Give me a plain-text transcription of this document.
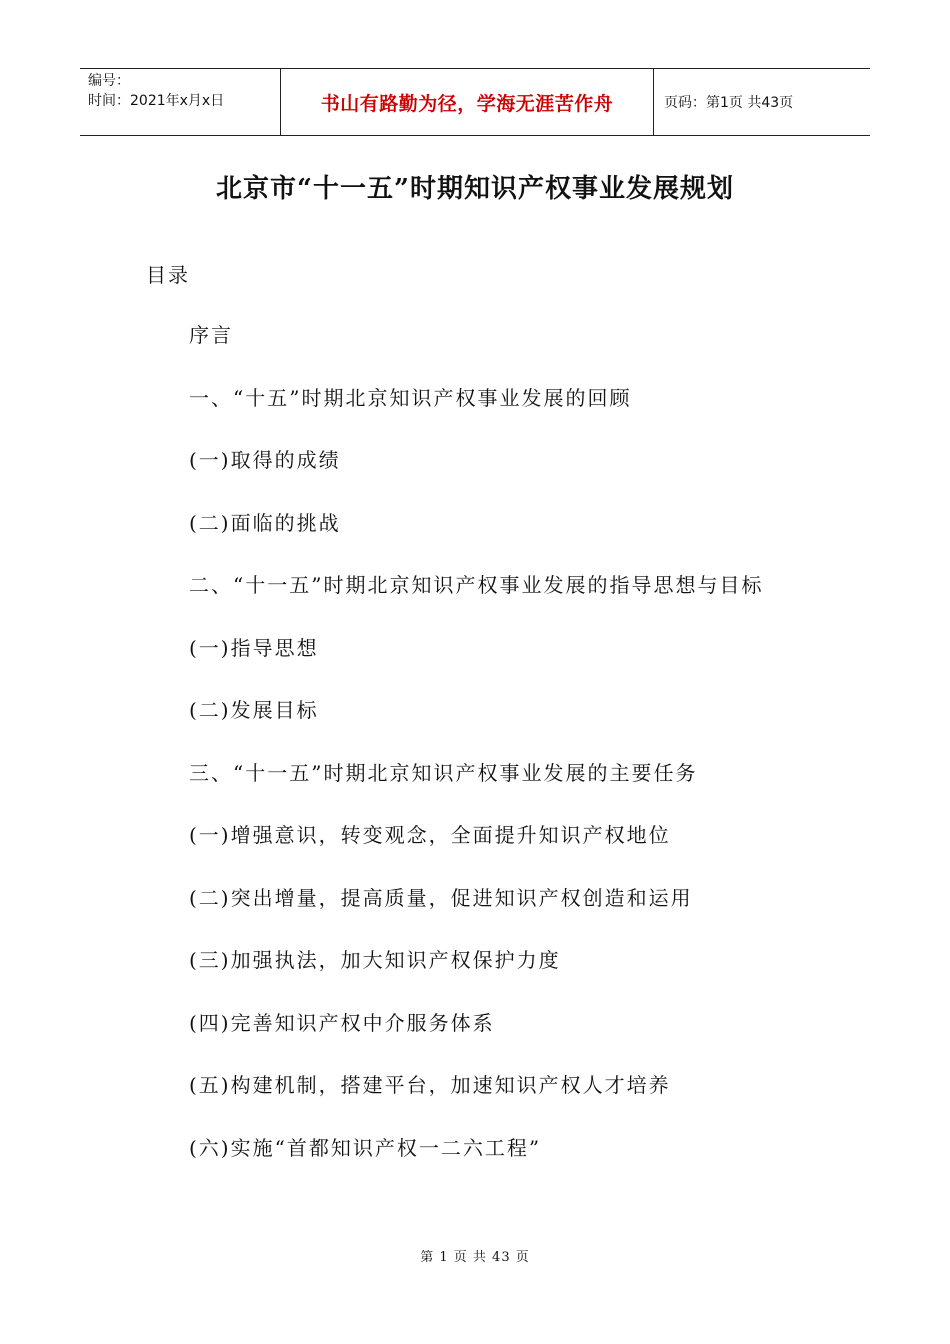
编号：
时间：2021年x月x日	书山有路勤为径，学海无涯苦作舟	页码：第1页 共43页
北京市“十一五”时期知识产权事业发展规划
目录
序言
一、“十五”时期北京知识产权事业发展的回顾
(一)取得的成绩
(二)面临的挑战
二、“十一五”时期北京知识产权事业发展的指导思想与目标
(一)指导思想
(二)发展目标
三、“十一五”时期北京知识产权事业发展的主要任务
(一)增强意识，转变观念，全面提升知识产权地位
(二)突出增量，提高质量，促进知识产权创造和运用
(三)加强执法，加大知识产权保护力度
(四)完善知识产权中介服务体系
(五)构建机制，搭建平台，加速知识产权人才培养
(六)实施“首都知识产权一二六工程”
第 1 页 共 43 页
